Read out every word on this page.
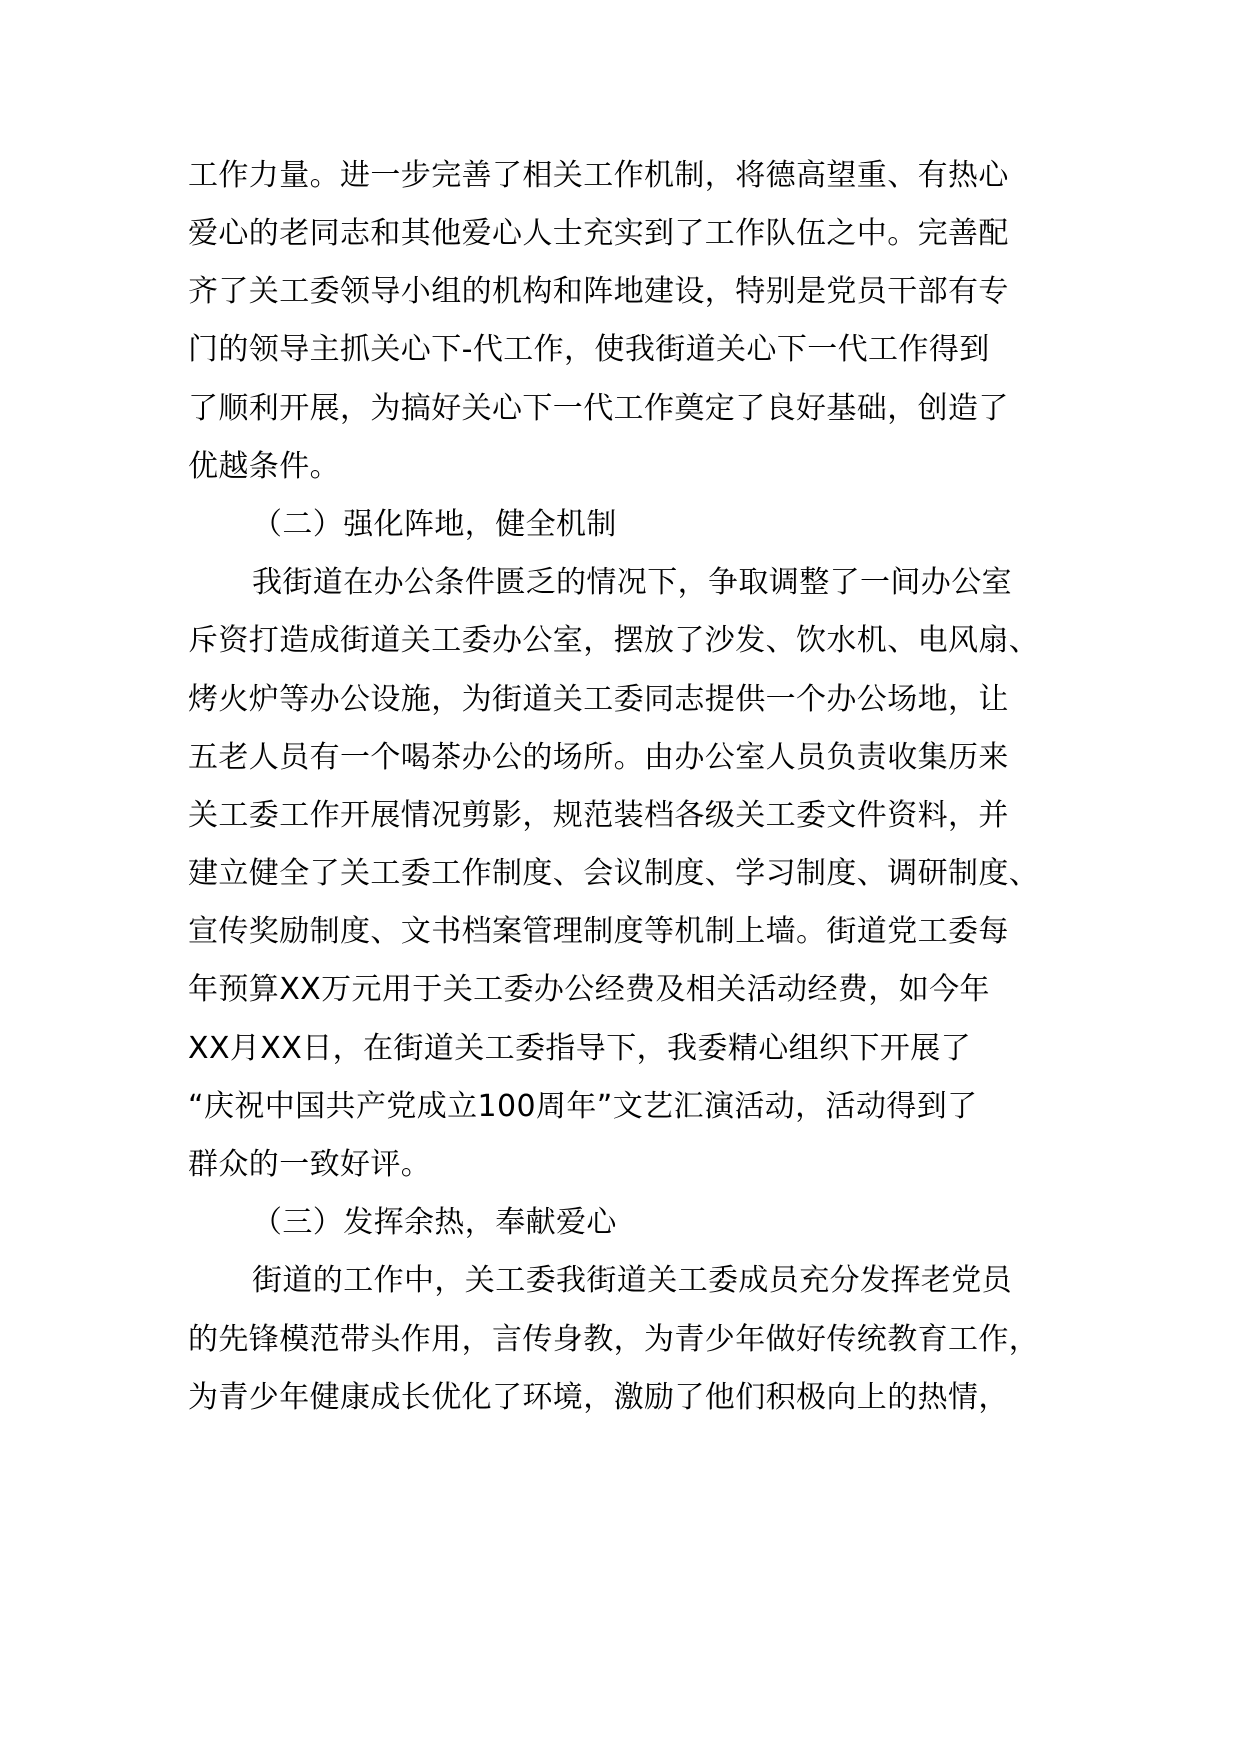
工作力量。进一步完善了相关工作机制，将德高望重、有热心
爱心的老同志和其他爱心人士充实到了工作队伍之中。完善配
齐了关工委领导小组的机构和阵地建设，特别是党员干部有专
门的领导主抓关心下-代工作，使我街道关心下一代工作得到
了顺利开展，为搞好关心下一代工作奠定了良好基础，创造了
优越条件。
（二）强化阵地，健全机制
我街道在办公条件匮乏的情况下，争取调整了一间办公室
斥资打造成街道关工委办公室，摆放了沙发、饮水机、电风扇、
烤火炉等办公设施，为街道关工委同志提供一个办公场地，让
五老人员有一个喝茶办公的场所。由办公室人员负责收集历来
关工委工作开展情况剪影，规范装档各级关工委文件资料，并
建立健全了关工委工作制度、会议制度、学习制度、调研制度、
宣传奖励制度、文书档案管理制度等机制上墙。街道党工委每
年预算XX万元用于关工委办公经费及相关活动经费，如今年
XX月XX日，在街道关工委指导下，我委精心组织下开展了
“庆祝中国共产党成立100周年”文艺汇演活动，活动得到了
群众的一致好评。
（三）发挥余热，奉献爱心
街道的工作中，关工委我街道关工委成员充分发挥老党员
的先锋模范带头作用，言传身教，为青少年做好传统教育工作，
为青少年健康成长优化了环境，激励了他们积极向上的热情，
